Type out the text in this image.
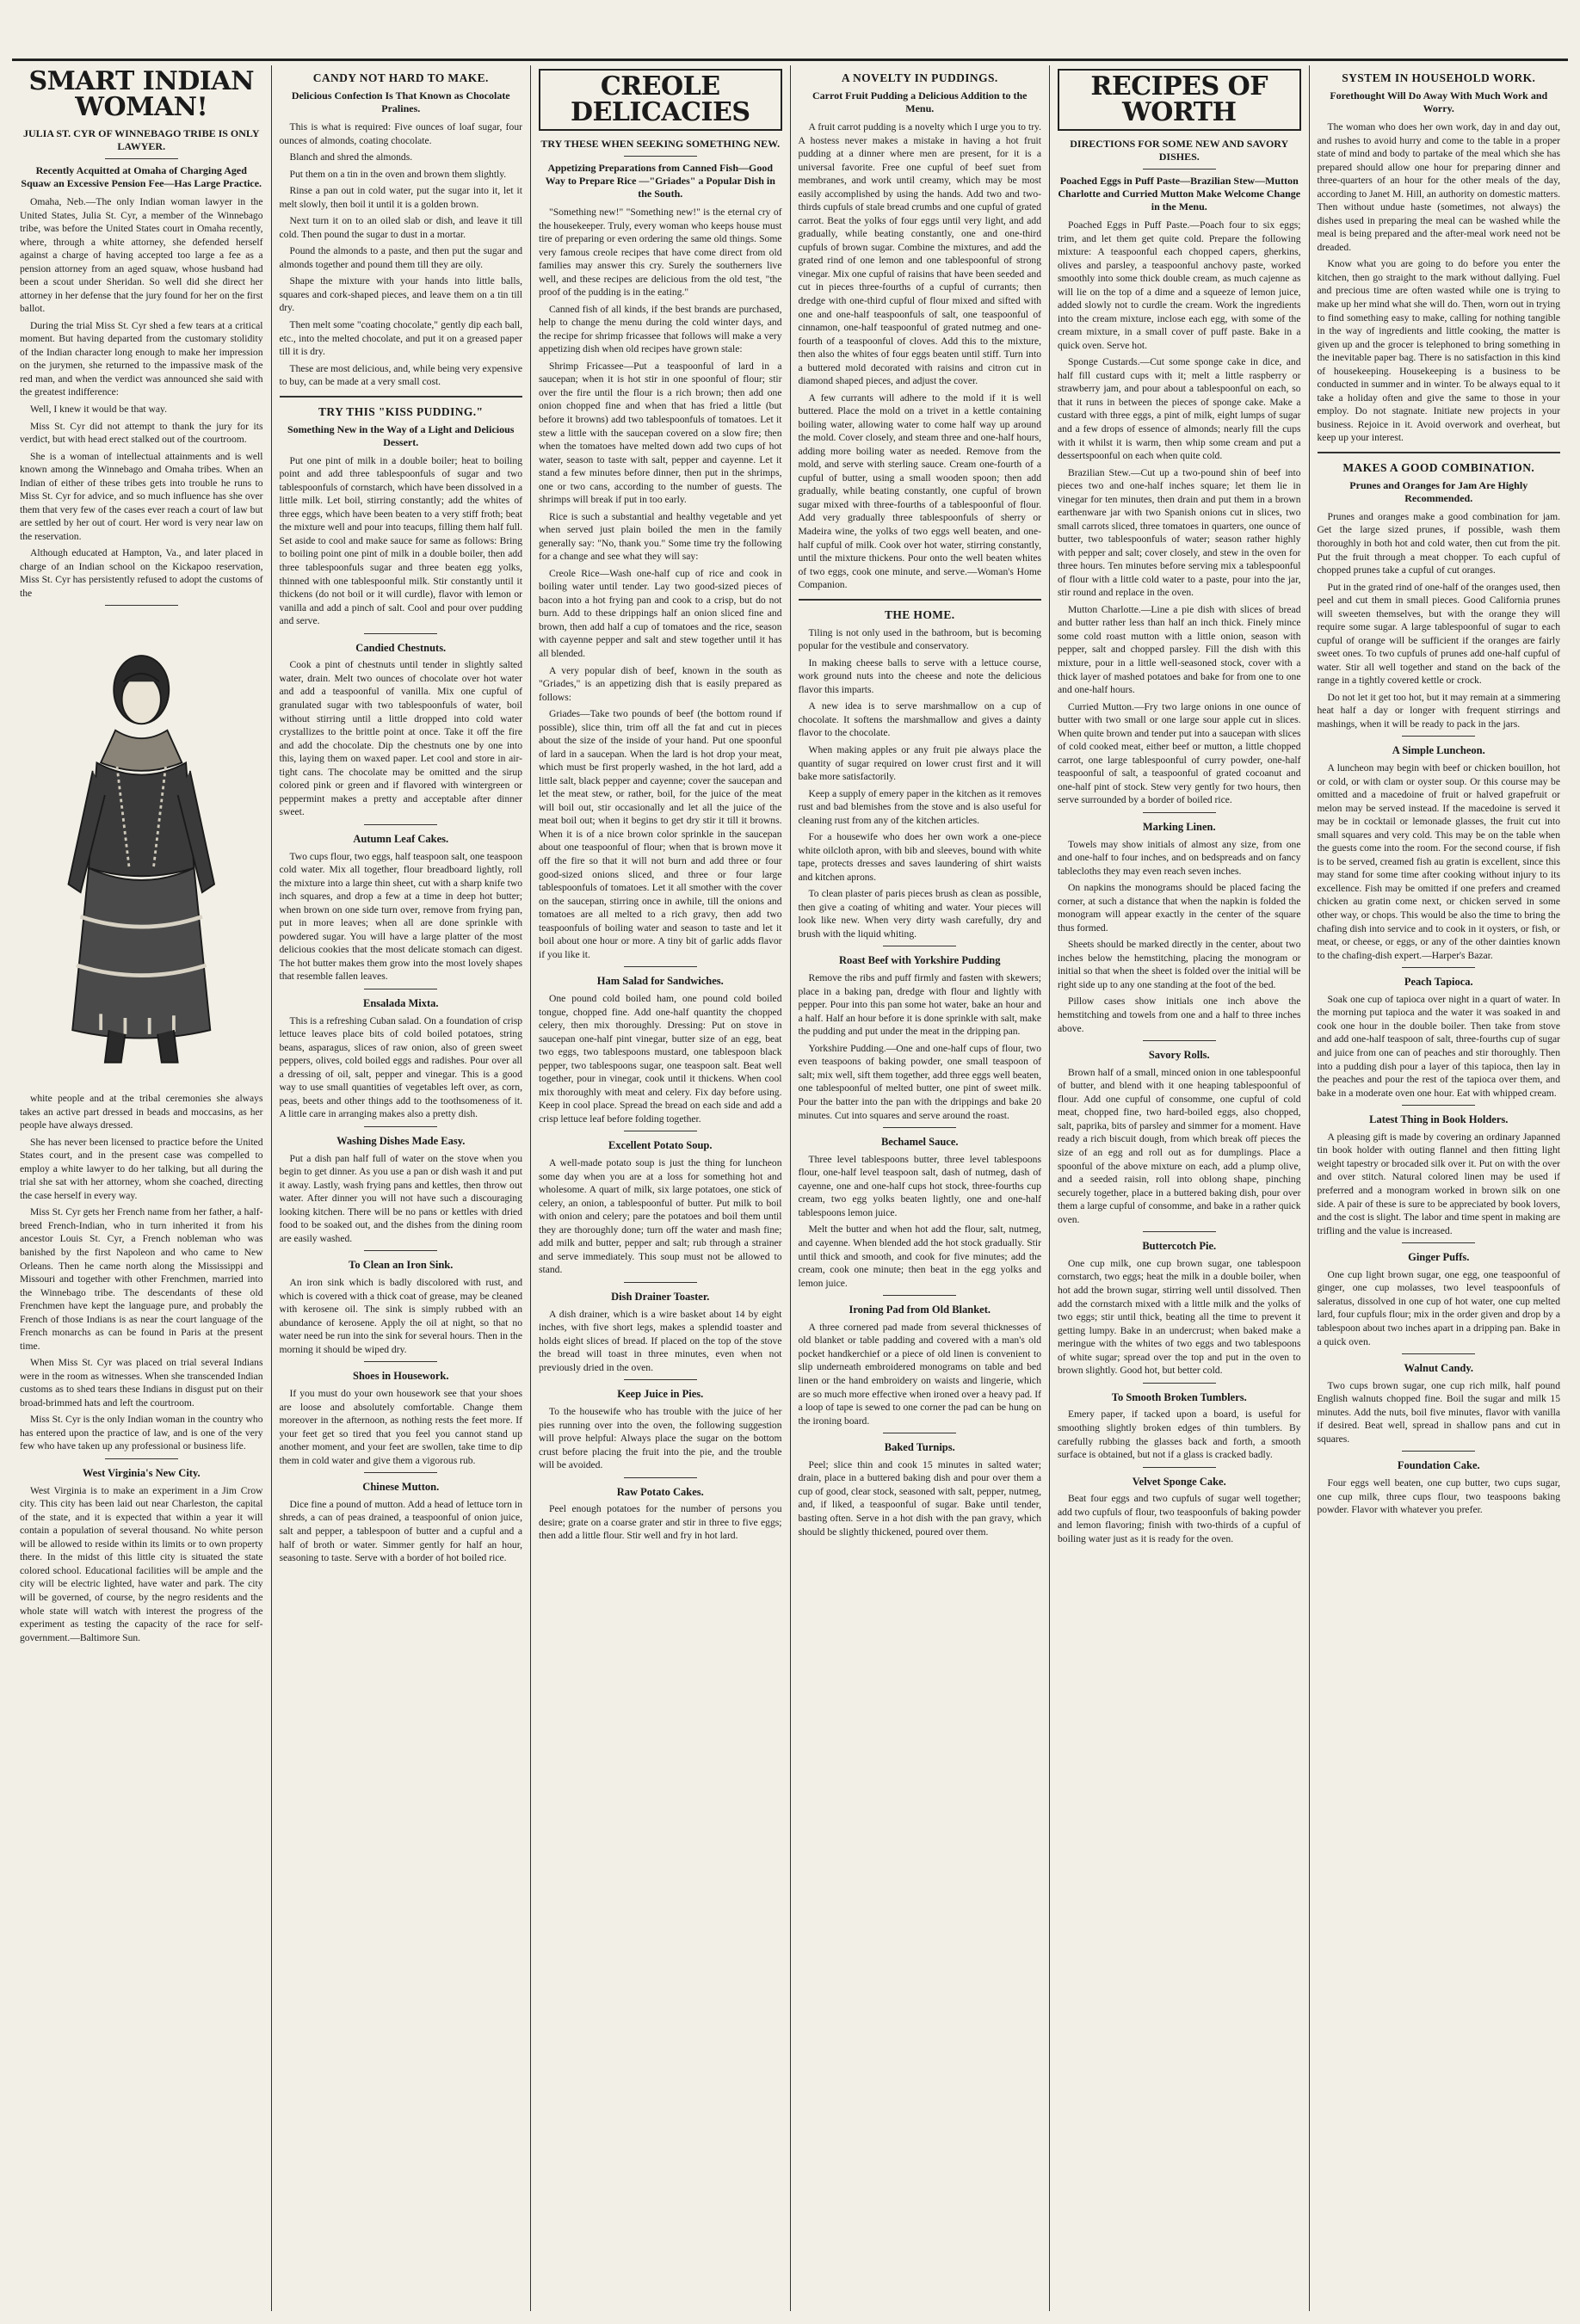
SMART INDIAN WOMAN!
JULIA ST. CYR OF WINNEBAGO TRIBE IS ONLY LAWYER.
Recently Acquitted at Omaha of Charging Aged Squaw an Excessive Pension Fee—Has Large Practice.

Omaha, Neb.—The only Indian woman lawyer in the United States, Julia St. Cyr, a member of the Winnebago tribe, was before the United States court in Omaha recently, where, through a white attorney, she defended herself against a charge of having accepted too large a fee as a pension attorney from an aged squaw, whose husband had been a scout under Sheridan. So well did she direct her attorney in her defense that the jury found for her on the first ballot.

During the trial Miss St. Cyr shed a few tears at a critical moment. But having departed from the customary stolidity of the Indian character long enough to make her impression on the jurymen, she returned to the impassive mask of the red man, and when the verdict was announced she said with the greatest indifference:

Well, I knew it would be that way.

Miss St. Cyr did not attempt to thank the jury for its verdict, but with head erect stalked out of the courtroom.

She is a woman of intellectual attainments and is well known among the Winnebago and Omaha tribes. When an Indian of either of these tribes gets into trouble he runs to Miss St. Cyr for advice, and so much influence has she over them that very few of the cases ever reach a court of law but are settled by her out of court. Her word is very near law on the reservation.

Although educated at Hampton, Va., and later placed in charge of an Indian school on the Kickapoo reservation, Miss St. Cyr has persistently refused to adopt the customs of the

white people and at the tribal ceremonies she always takes an active part dressed in beads and moccasins, as her people have always dressed.

She has never been licensed to practice before the United States court, and in the present case was compelled to employ a white lawyer to do her talking, but all during the trial she sat with her attorney, whom she coached, directing the case herself in every way.

Miss St. Cyr gets her French name from her father, a half-breed French-Indian, who in turn inherited it from his ancestor Louis St. Cyr, a French nobleman who was banished by the first Napoleon and who came to New Orleans. Then he came north along the Mississippi and Missouri and together with other Frenchmen, married into the Winnebago tribe. The descendants of these old Frenchmen have kept the language pure, and probably the French of those Indians is as near the court language of the French monarchs as can be found in Paris at the present time.

When Miss St. Cyr was placed on trial several Indians were in the room as witnesses. When she transcended Indian customs as to shed tears these Indians in disgust put on their broad-brimmed hats and left the courtroom.

Miss St. Cyr is the only Indian woman in the country who has entered upon the practice of law, and is one of the very few who have taken up any professional or business life.

West Virginia's New City.

West Virginia is to make an experiment in a Jim Crow city. This city has been laid out near Charleston, the capital of the state, and it is expected that within a year it will contain a population of several thousand. No white person will be allowed to reside within its limits or to own property there. In the midst of this little city is situated the state colored school. Educational facilities will be ample and the city will be electric lighted, have water and park. The city will be governed, of course, by the negro residents and the whole state will watch with interest the progress of the experiment as testing the capacity of the race for self-government.—Baltimore Sun.

CANDY NOT HARD TO MAKE.
Delicious Confection Is That Known as Chocolate Pralines.

This is what is required: Five ounces of loaf sugar, four ounces of almonds, coating chocolate.

Blanch and shred the almonds.

Put them on a tin in the oven and brown them slightly.

Rinse a pan out in cold water, put the sugar into it, let it melt slowly, then boil it until it is a golden brown.

Next turn it on to an oiled slab or dish, and leave it till cold. Then pound the sugar to dust in a mortar.

Pound the almonds to a paste, and then put the sugar and almonds together and pound them till they are oily.

Shape the mixture with your hands into little balls, squares and cork-shaped pieces, and leave them on a tin till dry.

Then melt some "coating chocolate," gently dip each ball, etc., into the melted chocolate, and put it on a greased paper till it is dry.

These are most delicious, and, while being very expensive to buy, can be made at a very small cost.

TRY THIS "KISS PUDDING."
Something New in the Way of a Light and Delicious Dessert.

Put one pint of milk in a double boiler; heat to boiling point and add three tablespoonfuls of sugar and two tablespoonfuls of cornstarch, which have been dissolved in a little milk. Let boil, stirring constantly; add the whites of three eggs, which have been beaten to a very stiff froth; beat the mixture well and pour into teacups, filling them half full. Set aside to cool and make sauce for same as follows: Bring to boiling point one pint of milk in a double boiler, then add three tablespoonfuls sugar and three beaten egg yolks, thinned with one tablespoonful milk. Stir constantly until it thickens (do not boil or it will curdle), flavor with lemon or vanilla and add a pinch of salt. Cool and pour over pudding and serve.

Candied Chestnuts.

Cook a pint of chestnuts until tender in slightly salted water, drain. Melt two ounces of chocolate over hot water and add a teaspoonful of vanilla. Mix one cupful of granulated sugar with two tablespoonfuls of water, boil without stirring until a little dropped into cold water crystallizes to the brittle point at once. Take it off the fire and add the chocolate. Dip the chestnuts one by one into this, laying them on waxed paper. Let cool and store in air-tight cans. The chocolate may be omitted and the sirup colored pink or green and if flavored with wintergreen or peppermint makes a pretty and acceptable after dinner sweet.

Autumn Leaf Cakes.

Two cups flour, two eggs, half teaspoon salt, one teaspoon cold water. Mix all together, flour breadboard lightly, roll the mixture into a large thin sheet, cut with a sharp knife two inch squares, and drop a few at a time in deep hot butter; when brown on one side turn over, remove from frying pan, put in more leaves; when all are done sprinkle with powdered sugar. You will have a large platter of the most delicious cookies that the most delicate stomach can digest. The hot butter makes them grow into the most lovely shapes that resemble fallen leaves.

Ensalada Mixta.

This is a refreshing Cuban salad. On a foundation of crisp lettuce leaves place bits of cold boiled potatoes, string beans, asparagus, slices of raw onion, also of green sweet peppers, olives, cold boiled eggs and radishes. Pour over all a dressing of oil, salt, pepper and vinegar. This is a good way to use small quantities of vegetables left over, as corn, peas, beets and other things add to the toothsomeness of it. A little care in arranging makes also a pretty dish.

Washing Dishes Made Easy.

Put a dish pan half full of water on the stove when you begin to get dinner. As you use a pan or dish wash it and put it away. Lastly, wash frying pans and kettles, then throw out water. After dinner you will not have such a discouraging looking kitchen. There will be no pans or kettles with dried food to be soaked out, and the dishes from the dining room are easily washed.

To Clean an Iron Sink.

An iron sink which is badly discolored with rust, and which is covered with a thick coat of grease, may be cleaned with kerosene oil. The sink is simply rubbed with an abundance of kerosene. Apply the oil at night, so that no water need be run into the sink for several hours. Then in the morning it should be wiped dry.

Shoes in Housework.

If you must do your own housework see that your shoes are loose and absolutely comfortable. Change them moreover in the afternoon, as nothing rests the feet more. If your feet get so tired that you feel you cannot stand up another moment, and your feet are swollen, take time to dip them in cold water and give them a vigorous rub.

Chinese Mutton.

Dice fine a pound of mutton. Add a head of lettuce torn in shreds, a can of peas drained, a teaspoonful of onion juice, salt and pepper, a tablespoon of butter and a cupful and a half of broth or water. Simmer gently for half an hour, seasoning to taste. Serve with a border of hot boiled rice.

CREOLE DELICACIES
TRY THESE WHEN SEEKING SOMETHING NEW.
Appetizing Preparations from Canned Fish—Good Way to Prepare Rice —"Griades" a Popular Dish in the South.

"Something new!" "Something new!" is the eternal cry of the housekeeper. Truly, every woman who keeps house must tire of preparing or even ordering the same old things. Some very famous creole recipes that have come direct from old families may answer this cry. Surely the southerners live well, and these recipes are delicious from the old test, "the proof of the pudding is in the eating."

Canned fish of all kinds, if the best brands are purchased, help to change the menu during the cold winter days, and the recipe for shrimp fricassee that follows will make a very appetizing dish when old recipes have grown stale:

Shrimp Fricassee—Put a teaspoonful of lard in a saucepan; when it is hot stir in one spoonful of flour; stir over the fire until the flour is a rich brown; then add one onion chopped fine and when that has fried a little (but before it browns) add two tablespoonfuls of tomatoes. Let it stew a little with the saucepan covered on a slow fire; then when the tomatoes have melted down add two cups of hot water, season to taste with salt, pepper and cayenne. Let it stand a few minutes before dinner, then put in the shrimps, one or two cans, according to the number of guests. The shrimps will break if put in too early.

Rice is such a substantial and healthy vegetable and yet when served just plain boiled the men in the family generally say: "No, thank you." Some time try the following for a change and see what they will say:

Creole Rice—Wash one-half cup of rice and cook in boiling water until tender. Lay two good-sized pieces of bacon into a hot frying pan and cook to a crisp, but do not burn. Add to these drippings half an onion sliced fine and brown, then add half a cup of tomatoes and the rice, season with cayenne pepper and salt and stew together until it has all blended.

A very popular dish of beef, known in the south as "Griades," is an appetizing dish that is easily prepared as follows:

Griades—Take two pounds of beef (the bottom round if possible), slice thin, trim off all the fat and cut in pieces about the size of the inside of your hand. Put one spoonful of lard in a saucepan. When the lard is hot drop your meat, which must be first properly washed, in the hot lard, add a little salt, black pepper and cayenne; cover the saucepan and let the meat stew, or rather, boil, for the juice of the meat will boil out, stir occasionally and let all the juice of the meat boil out; when it begins to get dry stir it till it browns. When it is of a nice brown color sprinkle in the saucepan about one teaspoonful of flour; when that is brown move it off the fire so that it will not burn and add three or four good-sized onions sliced, and three or four large tablespoonfuls of tomatoes. Let it all smother with the cover on the saucepan, stirring once in awhile, till the onions and tomatoes are all melted to a rich gravy, then add two teaspoonfuls of boiling water and season to taste and let it boil about one hour or more. A tiny bit of garlic adds flavor if you like it.

Ham Salad for Sandwiches.

One pound cold boiled ham, one pound cold boiled tongue, chopped fine. Add one-half quantity the chopped celery, then mix thoroughly. Dressing: Put on stove in saucepan one-half pint vinegar, butter size of an egg, beat two eggs, two tablespoons mustard, one tablespoon black pepper, two tablespoons sugar, one teaspoon salt. Beat well together, pour in vinegar, cook until it thickens. When cool mix thoroughly with meat and celery. Fix day before using. Keep in cool place. Spread the bread on each side and add a crisp lettuce leaf before folding together.

Excellent Potato Soup.

A well-made potato soup is just the thing for luncheon some day when you are at a loss for something hot and wholesome. A quart of milk, six large potatoes, one stick of celery, an onion, a tablespoonful of butter. Put milk to boil with onion and celery; pare the potatoes and boil them until they are thoroughly done; turn off the water and mash fine; add milk and butter, pepper and salt; rub through a strainer and serve immediately. This soup must not be allowed to stand.

Dish Drainer Toaster.

A dish drainer, which is a wire basket about 14 by eight inches, with five short legs, makes a splendid toaster and holds eight slices of bread. If placed on the top of the stove the bread will toast in three minutes, even when not previously dried in the oven.

Keep Juice in Pies.

To the housewife who has trouble with the juice of her pies running over into the oven, the following suggestion will prove helpful: Always place the sugar on the bottom crust before placing the fruit into the pie, and the trouble will be avoided.

Raw Potato Cakes.

Peel enough potatoes for the number of persons you desire; grate on a coarse grater and stir in three to five eggs; then add a little flour. Stir well and fry in hot lard.

A NOVELTY IN PUDDINGS.
Carrot Fruit Pudding a Delicious Addition to the Menu.

A fruit carrot pudding is a novelty which I urge you to try. A hostess never makes a mistake in having a hot fruit pudding at a dinner where men are present, for it is a universal favorite. Free one cupful of beef suet from membranes, and work until creamy, which may be most easily accomplished by using the hands. Add two and two-thirds cupfuls of stale bread crumbs and one cupful of grated carrot. Beat the yolks of four eggs until very light, and add gradually, while beating constantly, one and one-third cupfuls of brown sugar. Combine the mixtures, and add the grated rind of one lemon and one tablespoonful of strong vinegar. Mix one cupful of raisins that have been seeded and cut in pieces three-fourths of a cupful of currants; then dredge with one-third cupful of flour mixed and sifted with one and one-half teaspoonfuls of salt, one teaspoonful of cinnamon, one-half teaspoonful of grated nutmeg and one-fourth of a teaspoonful of cloves. Add this to the mixture, then also the whites of four eggs beaten until stiff. Turn into a buttered mold decorated with raisins and citron cut in diamond shaped pieces, and adjust the cover.

A few currants will adhere to the mold if it is well buttered. Place the mold on a trivet in a kettle containing boiling water, allowing water to come half way up around the mold. Cover closely, and steam three and one-half hours, adding more boiling water as needed. Remove from the mold, and serve with sterling sauce. Cream one-fourth of a cupful of butter, using a small wooden spoon; then add gradually, while beating constantly, one cupful of brown sugar mixed with three-fourths of a tablespoonful of flour. Add very gradually three tablespoonfuls of sherry or Madeira wine, the yolks of two eggs well beaten, and one-half cupful of milk. Cook over hot water, stirring constantly, until the mixture thickens. Pour onto the well beaten whites of two eggs, cook one minute, and serve.—Woman's Home Companion.

THE HOME.

Tiling is not only used in the bathroom, but is becoming popular for the vestibule and conservatory.

In making cheese balls to serve with a lettuce course, work ground nuts into the cheese and note the delicious flavor this imparts.

A new idea is to serve marshmallow on a cup of chocolate. It softens the marshmallow and gives a dainty flavor to the chocolate.

When making apples or any fruit pie always place the quantity of sugar required on lower crust first and it will bake more satisfactorily.

Keep a supply of emery paper in the kitchen as it removes rust and bad blemishes from the stove and is also useful for cleaning rust from any of the kitchen articles.

For a housewife who does her own work a one-piece white oilcloth apron, with bib and sleeves, bound with white tape, protects dresses and saves laundering of shirt waists and kitchen aprons.

To clean plaster of paris pieces brush as clean as possible, then give a coating of whiting and water. Your pieces will look like new. When very dirty wash carefully, dry and brush with the liquid whiting.

Roast Beef with Yorkshire Pudding

Remove the ribs and puff firmly and fasten with skewers; place in a baking pan, dredge with flour and lightly with pepper. Pour into this pan some hot water, bake an hour and a half. Half an hour before it is done sprinkle with salt, make the pudding and put under the meat in the dripping pan.

Yorkshire Pudding.—One and one-half cups of flour, two even teaspoons of baking powder, one small teaspoon of salt; mix well, sift them together, add three eggs well beaten, one tablespoonful of melted butter, one pint of sweet milk. Pour the batter into the pan with the drippings and bake 20 minutes. Cut into squares and serve around the roast.

Bechamel Sauce.

Three level tablespoons butter, three level tablespoons flour, one-half level teaspoon salt, dash of nutmeg, dash of cayenne, one and one-half cups hot stock, three-fourths cup cream, two egg yolks beaten lightly, one and one-half tablespoons lemon juice.

Melt the butter and when hot add the flour, salt, nutmeg, and cayenne. When blended add the hot stock gradually. Stir until thick and smooth, and cook for five minutes; add the cream, cook one minute; then beat in the egg yolks and lemon juice.

Ironing Pad from Old Blanket.

A three cornered pad made from several thicknesses of old blanket or table padding and covered with a man's old pocket handkerchief or a piece of old linen is convenient to slip underneath embroidered monograms on table and bed linen or the hand embroidery on waists and lingerie, which are so much more effective when ironed over a heavy pad. If a loop of tape is sewed to one corner the pad can be hung on the ironing board.

Baked Turnips.

Peel; slice thin and cook 15 minutes in salted water; drain, place in a buttered baking dish and pour over them a cup of good, clear stock, seasoned with salt, pepper, nutmeg, and, if liked, a teaspoonful of sugar. Bake until tender, basting often. Serve in a hot dish with the pan gravy, which should be slightly thickened, poured over them.

RECIPES OF WORTH
DIRECTIONS FOR SOME NEW AND SAVORY DISHES.
Poached Eggs in Puff Paste—Brazilian Stew—Mutton Charlotte and Curried Mutton Make Welcome Change in the Menu.

Poached Eggs in Puff Paste.—Poach four to six eggs; trim, and let them get quite cold. Prepare the following mixture: A teaspoonful each chopped capers, gherkins, olives and parsley, a teaspoonful anchovy paste, worked smoothly into some thick double cream, as much cajenne as will lie on the top of a dime and a squeeze of lemon juice, added slowly not to curdle the cream. Work the ingredients into the cream mixture, inclose each egg, with some of the cream mixture, in a small cover of puff paste. Bake in a quick oven. Serve hot.

Sponge Custards.—Cut some sponge cake in dice, and half fill custard cups with it; melt a little raspberry or strawberry jam, and pour about a tablespoonful on each, so that it runs in between the pieces of sponge cake. Make a custard with three eggs, a pint of milk, eight lumps of sugar and a few drops of essence of almonds; nearly fill the cups with it whilst it is warm, then whip some cream and put a dessertspoonful on each when quite cold.

Brazilian Stew.—Cut up a two-pound shin of beef into pieces two and one-half inches square; let them lie in vinegar for ten minutes, then drain and put them in a brown earthenware jar with two Spanish onions cut in slices, two small carrots sliced, three tomatoes in quarters, one ounce of butter, two tablespoonfuls of water; season rather highly with pepper and salt; cover closely, and stew in the oven for three hours. Ten minutes before serving mix a tablespoonful of flour with a little cold water to a paste, pour into the jar, stir round and replace in the oven.

Mutton Charlotte.—Line a pie dish with slices of bread and butter rather less than half an inch thick. Finely mince some cold roast mutton with a little onion, season with pepper, salt and chopped parsley. Fill the dish with this mixture, pour in a little well-seasoned stock, cover with a thick layer of mashed potatoes and bake for from one to one and one-half hours.

Curried Mutton.—Fry two large onions in one ounce of butter with two small or one large sour apple cut in slices. When quite brown and tender put into a saucepan with slices of cold cooked meat, either beef or mutton, a little chopped carrot, one large tablespoonful of curry powder, one-half teaspoonful of salt, a teaspoonful of grated cocoanut and one-half pint of stock. Stew very gently for two hours, then serve surrounded by a border of boiled rice.

Marking Linen.

Towels may show initials of almost any size, from one and one-half to four inches, and on bedspreads and on fancy tablecloths they may even reach seven inches.

On napkins the monograms should be placed facing the corner, at such a distance that when the napkin is folded the monogram will appear exactly in the center of the square thus formed.

Sheets should be marked directly in the center, about two inches below the hemstitching, placing the monogram or initial so that when the sheet is folded over the initial will be right side up to any one standing at the foot of the bed.

Pillow cases show initials one inch above the hemstitching and towels from one and a half to three inches above.

Savory Rolls.

Brown half of a small, minced onion in one tablespoonful of butter, and blend with it one heaping tablespoonful of flour. Add one cupful of consomme, one cupful of cold meat, chopped fine, two hard-boiled eggs, also chopped, salt, paprika, bits of parsley and simmer for a moment. Have ready a rich biscuit dough, from which break off pieces the size of an egg and roll out as for dumplings. Place a spoonful of the above mixture on each, add a plump olive, and a seeded raisin, roll into oblong shape, pinching securely together, place in a buttered baking dish, pour over them a large cupful of consomme, and bake in a rather quick oven.

Buttercotch Pie.

One cup milk, one cup brown sugar, one tablespoon cornstarch, two eggs; heat the milk in a double boiler, when hot add the brown sugar, stirring well until dissolved. Then add the cornstarch mixed with a little milk and the yolks of two eggs; stir until thick, beating all the time to prevent it getting lumpy. Bake in an undercrust; when baked make a meringue with the whites of two eggs and two tablespoons of white sugar; spread over the top and put in the oven to brown slightly. Good hot, but better cold.

To Smooth Broken Tumblers.

Emery paper, if tacked upon a board, is useful for smoothing slightly broken edges of thin tumblers. By carefully rubbing the glasses back and forth, a smooth surface is obtained, but not if a glass is cracked badly.

Velvet Sponge Cake.

Beat four eggs and two cupfuls of sugar well together; add two cupfuls of flour, two teaspoonfuls of baking powder and lemon flavoring; finish with two-thirds of a cupful of boiling water just as it is ready for the oven.

SYSTEM IN HOUSEHOLD WORK.
Forethought Will Do Away With Much Work and Worry.

The woman who does her own work, day in and day out, and rushes to avoid hurry and come to the table in a proper state of mind and body to partake of the meal which she has prepared should allow one hour for preparing dinner and three-quarters of an hour for the other meals of the day, according to Janet M. Hill, an authority on domestic matters. Then without undue haste (sometimes, not always) the dishes used in preparing the meal can be washed while the meal is being prepared and the after-meal work need not be dreaded.

Know what you are going to do before you enter the kitchen, then go straight to the mark without dallying. Fuel and precious time are often wasted while one is trying to make up her mind what she will do. Then, worn out in trying to find something easy to make, calling for nothing tangible in the way of ingredients and little cooking, the matter is given up and the grocer is telephoned to bring something in the inevitable paper bag. There is no satisfaction in this kind of housekeeping. Housekeeping is a business to be conducted in summer and in winter. To be always equal to it take a holiday often and give the same to those in your employ. Do not stagnate. Initiate new projects in your business. Rejoice in it. Avoid overwork and overheat, but keep up your interest.

MAKES A GOOD COMBINATION.
Prunes and Oranges for Jam Are Highly Recommended.

Prunes and oranges make a good combination for jam. Get the large sized prunes, if possible, wash them thoroughly in both hot and cold water, then cut from the pit. Put the fruit through a meat chopper. To each cupful of chopped prunes take a cupful of cut oranges.

Put in the grated rind of one-half of the oranges used, then peel and cut them in small pieces. Good California prunes will sweeten themselves, but with the orange they will require some sugar. A large tablespoonful of sugar to each cupful of orange will be sufficient if the oranges are fairly sweet ones. To two cupfuls of prunes add one-half cupful of water. Stir all well together and stand on the back of the range in a tightly covered kettle or crock.

Do not let it get too hot, but it may remain at a simmering heat half a day or longer with frequent stirrings and mashings, when it will be ready to pack in the jars.

A Simple Luncheon.

A luncheon may begin with beef or chicken bouillon, hot or cold, or with clam or oyster soup. Or this course may be omitted and a macedoine of fruit or halved grapefruit or melon may be served instead. If the macedoine is served it may be in cocktail or lemonade glasses, the fruit cut into small squares and very cold. This may be on the table when the guests come into the room. For the second course, if fish is to be served, creamed fish au gratin is excellent, since this may stand for some time after cooking without injury to its excellence. Fish may be omitted if one prefers and creamed chicken au gratin come next, or chicken served in some other way, or chops. This would be also the time to bring the chafing dish into service and to cook in it oysters, or fish, or meat, or cheese, or eggs, or any of the other dainties known to the chafing-dish expert.—Harper's Bazar.

Peach Tapioca.

Soak one cup of tapioca over night in a quart of water. In the morning put tapioca and the water it was soaked in and cook one hour in the double boiler. Then take from stove and add one-half teaspoon of salt, three-fourths cup of sugar and juice from one can of peaches and stir thoroughly. Then into a pudding dish pour a layer of this tapioca, then lay in the peaches and pour the rest of the tapioca over them, and bake in a moderate oven one hour. Eat with whipped cream.

Latest Thing in Book Holders.

A pleasing gift is made by covering an ordinary Japanned tin book holder with outing flannel and then fitting light weight tapestry or brocaded silk over it. Put on with the over and over stitch. Natural colored linen may be used if preferred and a monogram worked in brown silk on one side. A pair of these is sure to be appreciated by book lovers, and the cost is slight. The labor and time spent in making are trifling and the value is increased.

Ginger Puffs.

One cup light brown sugar, one egg, one teaspoonful of ginger, one cup molasses, two level teaspoonfuls of saleratus, dissolved in one cup of hot water, one cup melted lard, four cupfuls flour; mix in the order given and drop by a tablespoon about two inches apart in a dripping pan. Bake in a quick oven.

Walnut Candy.

Two cups brown sugar, one cup rich milk, half pound English walnuts chopped fine. Boil the sugar and milk 15 minutes. Add the nuts, boil five minutes, flavor with vanilla if desired. Beat well, spread in shallow pans and cut in squares.

Foundation Cake.

Four eggs well beaten, one cup butter, two cups sugar, one cup milk, three cups flour, two teaspoons baking powder. Flavor with whatever you prefer.
